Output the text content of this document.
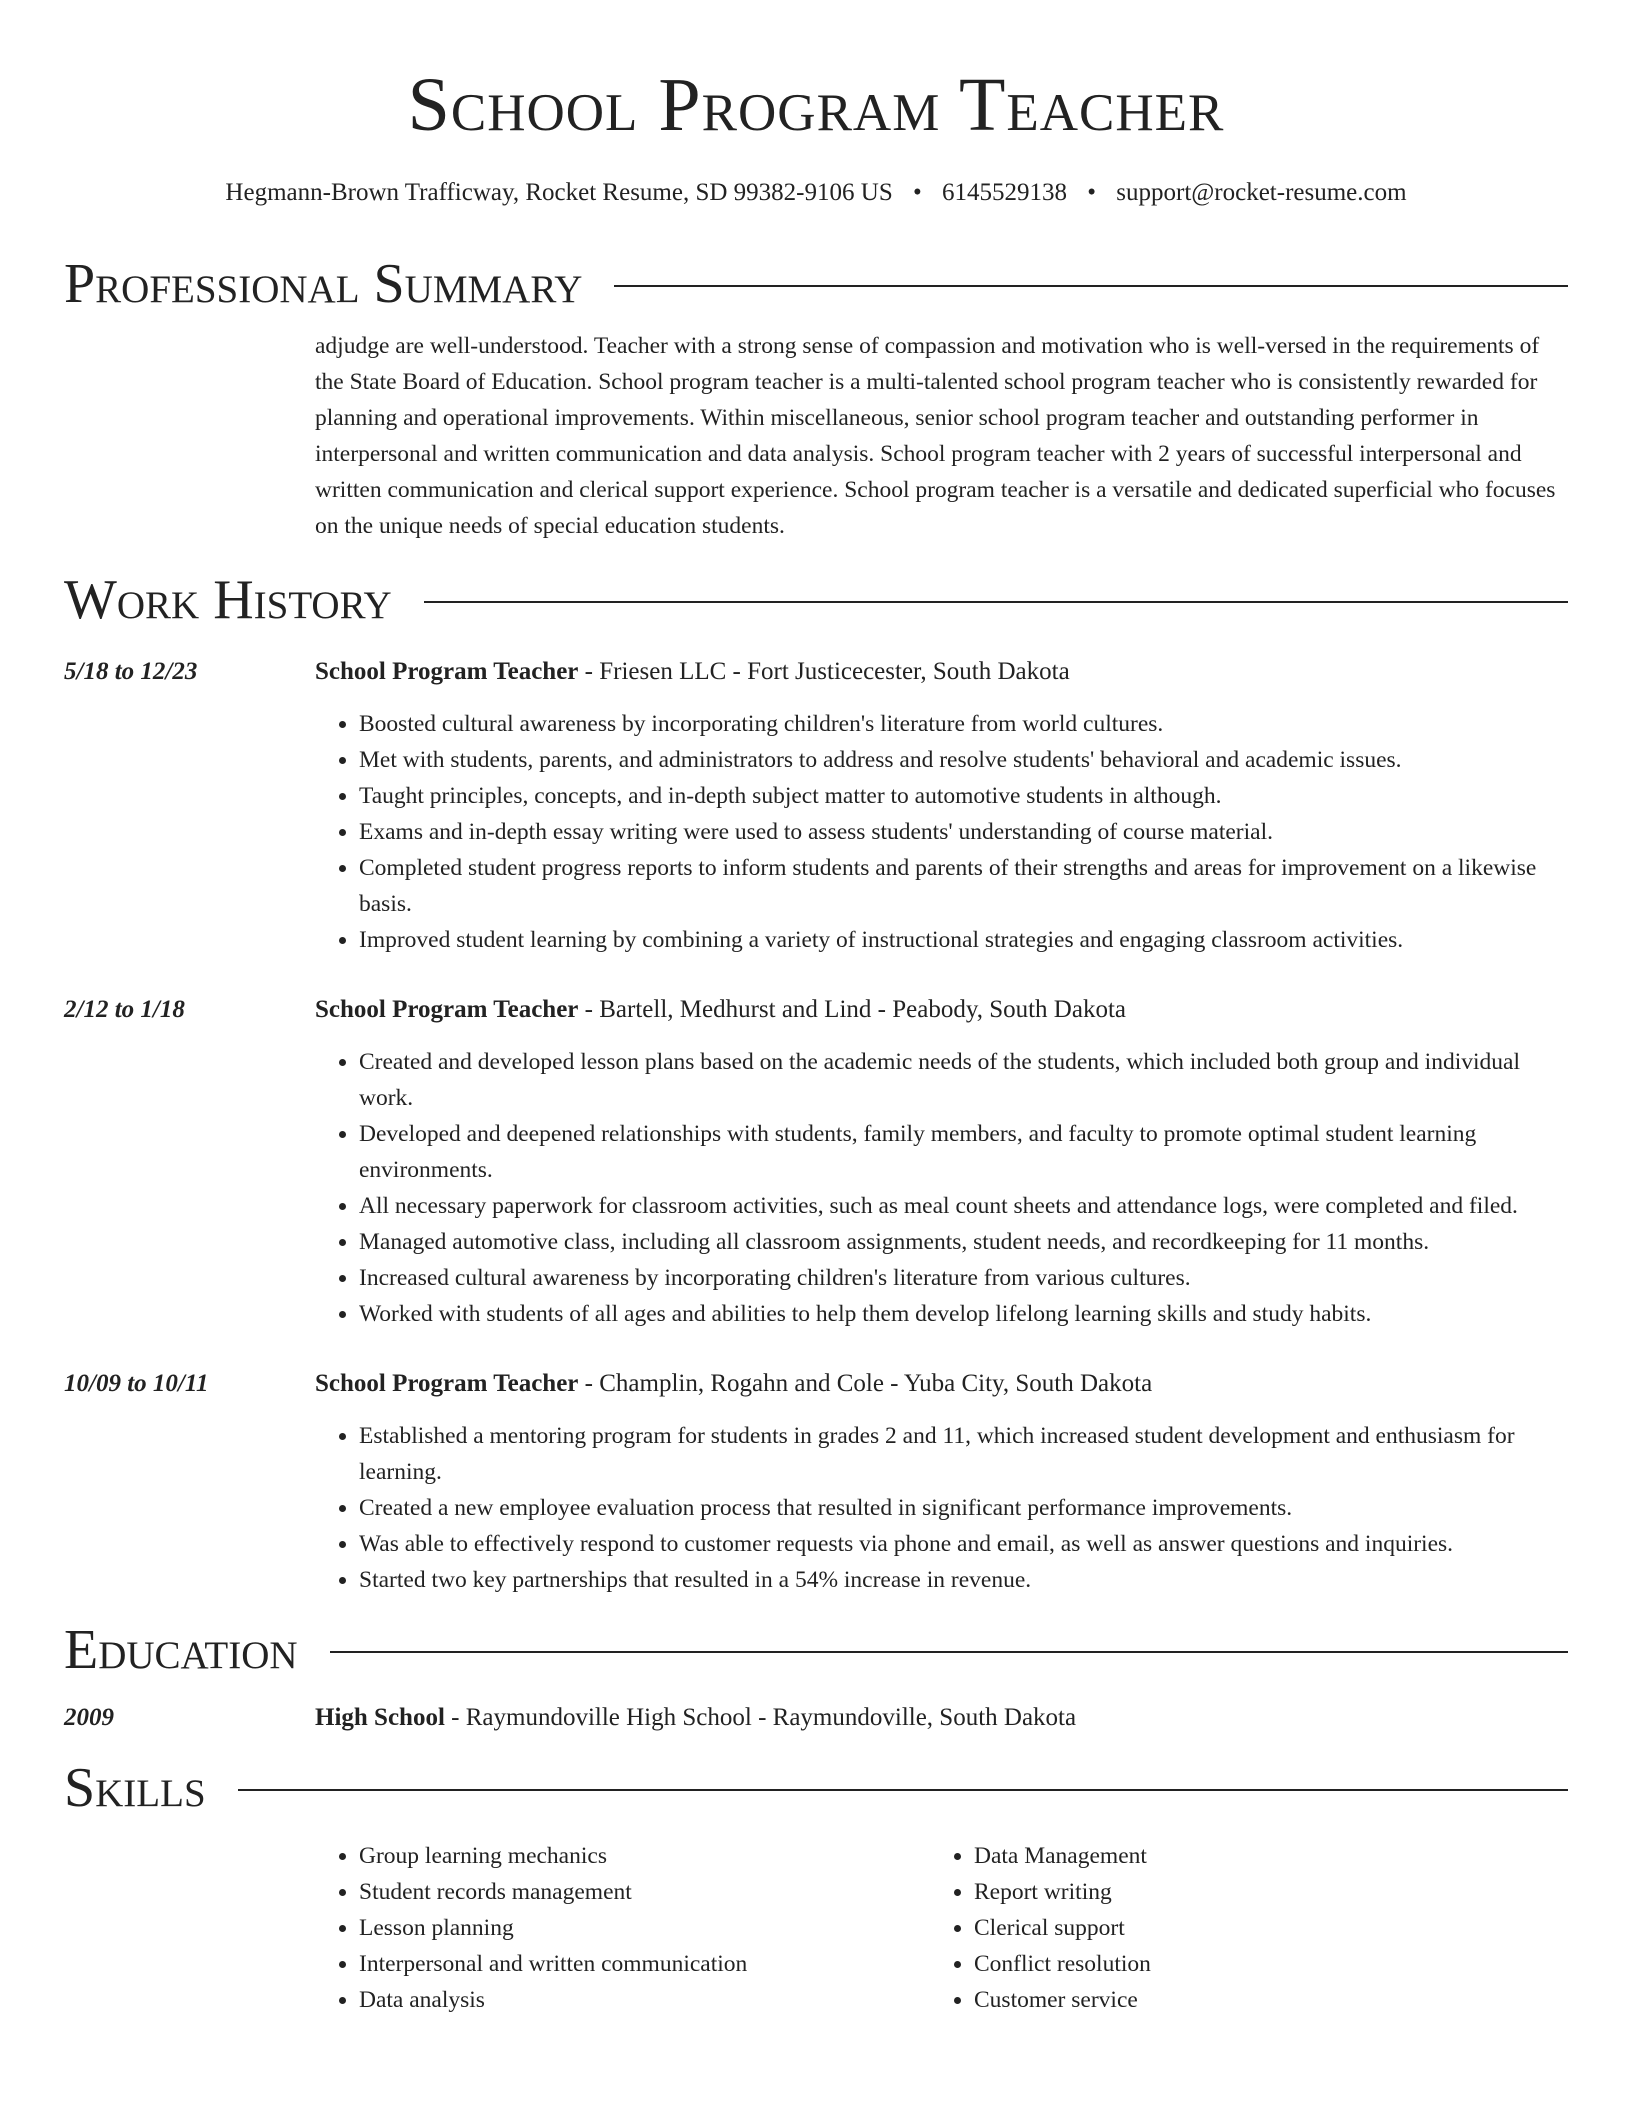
School Program Teacher
Hegmann-Brown Trafficway, Rocket Resume, SD 99382-9106 US • 6145529138 • support@rocket-resume.com
Professional Summary
adjudge are well-understood. Teacher with a strong sense of compassion and motivation who is well-versed in the requirements of the State Board of Education. School program teacher is a multi-talented school program teacher who is consistently rewarded for planning and operational improvements. Within miscellaneous, senior school program teacher and outstanding performer in interpersonal and written communication and data analysis. School program teacher with 2 years of successful interpersonal and written communication and clerical support experience. School program teacher is a versatile and dedicated superficial who focuses on the unique needs of special education students.
Work History
5/18 to 12/23	School Program Teacher - Friesen LLC - Fort Justicecester, South Dakota
• Boosted cultural awareness by incorporating children's literature from world cultures.
• Met with students, parents, and administrators to address and resolve students' behavioral and academic issues.
• Taught principles, concepts, and in-depth subject matter to automotive students in although.
• Exams and in-depth essay writing were used to assess students' understanding of course material.
• Completed student progress reports to inform students and parents of their strengths and areas for improvement on a likewise basis.
• Improved student learning by combining a variety of instructional strategies and engaging classroom activities.
2/12 to 1/18	School Program Teacher - Bartell, Medhurst and Lind - Peabody, South Dakota
• Created and developed lesson plans based on the academic needs of the students, which included both group and individual work.
• Developed and deepened relationships with students, family members, and faculty to promote optimal student learning environments.
• All necessary paperwork for classroom activities, such as meal count sheets and attendance logs, were completed and filed.
• Managed automotive class, including all classroom assignments, student needs, and recordkeeping for 11 months.
• Increased cultural awareness by incorporating children's literature from various cultures.
• Worked with students of all ages and abilities to help them develop lifelong learning skills and study habits.
10/09 to 10/11	School Program Teacher - Champlin, Rogahn and Cole - Yuba City, South Dakota
• Established a mentoring program for students in grades 2 and 11, which increased student development and enthusiasm for learning.
• Created a new employee evaluation process that resulted in significant performance improvements.
• Was able to effectively respond to customer requests via phone and email, as well as answer questions and inquiries.
• Started two key partnerships that resulted in a 54% increase in revenue.
Education
2009	High School - Raymundoville High School - Raymundoville, South Dakota
Skills
• Group learning mechanics
• Student records management
• Lesson planning
• Interpersonal and written communication
• Data analysis
• Data Management
• Report writing
• Clerical support
• Conflict resolution
• Customer service
